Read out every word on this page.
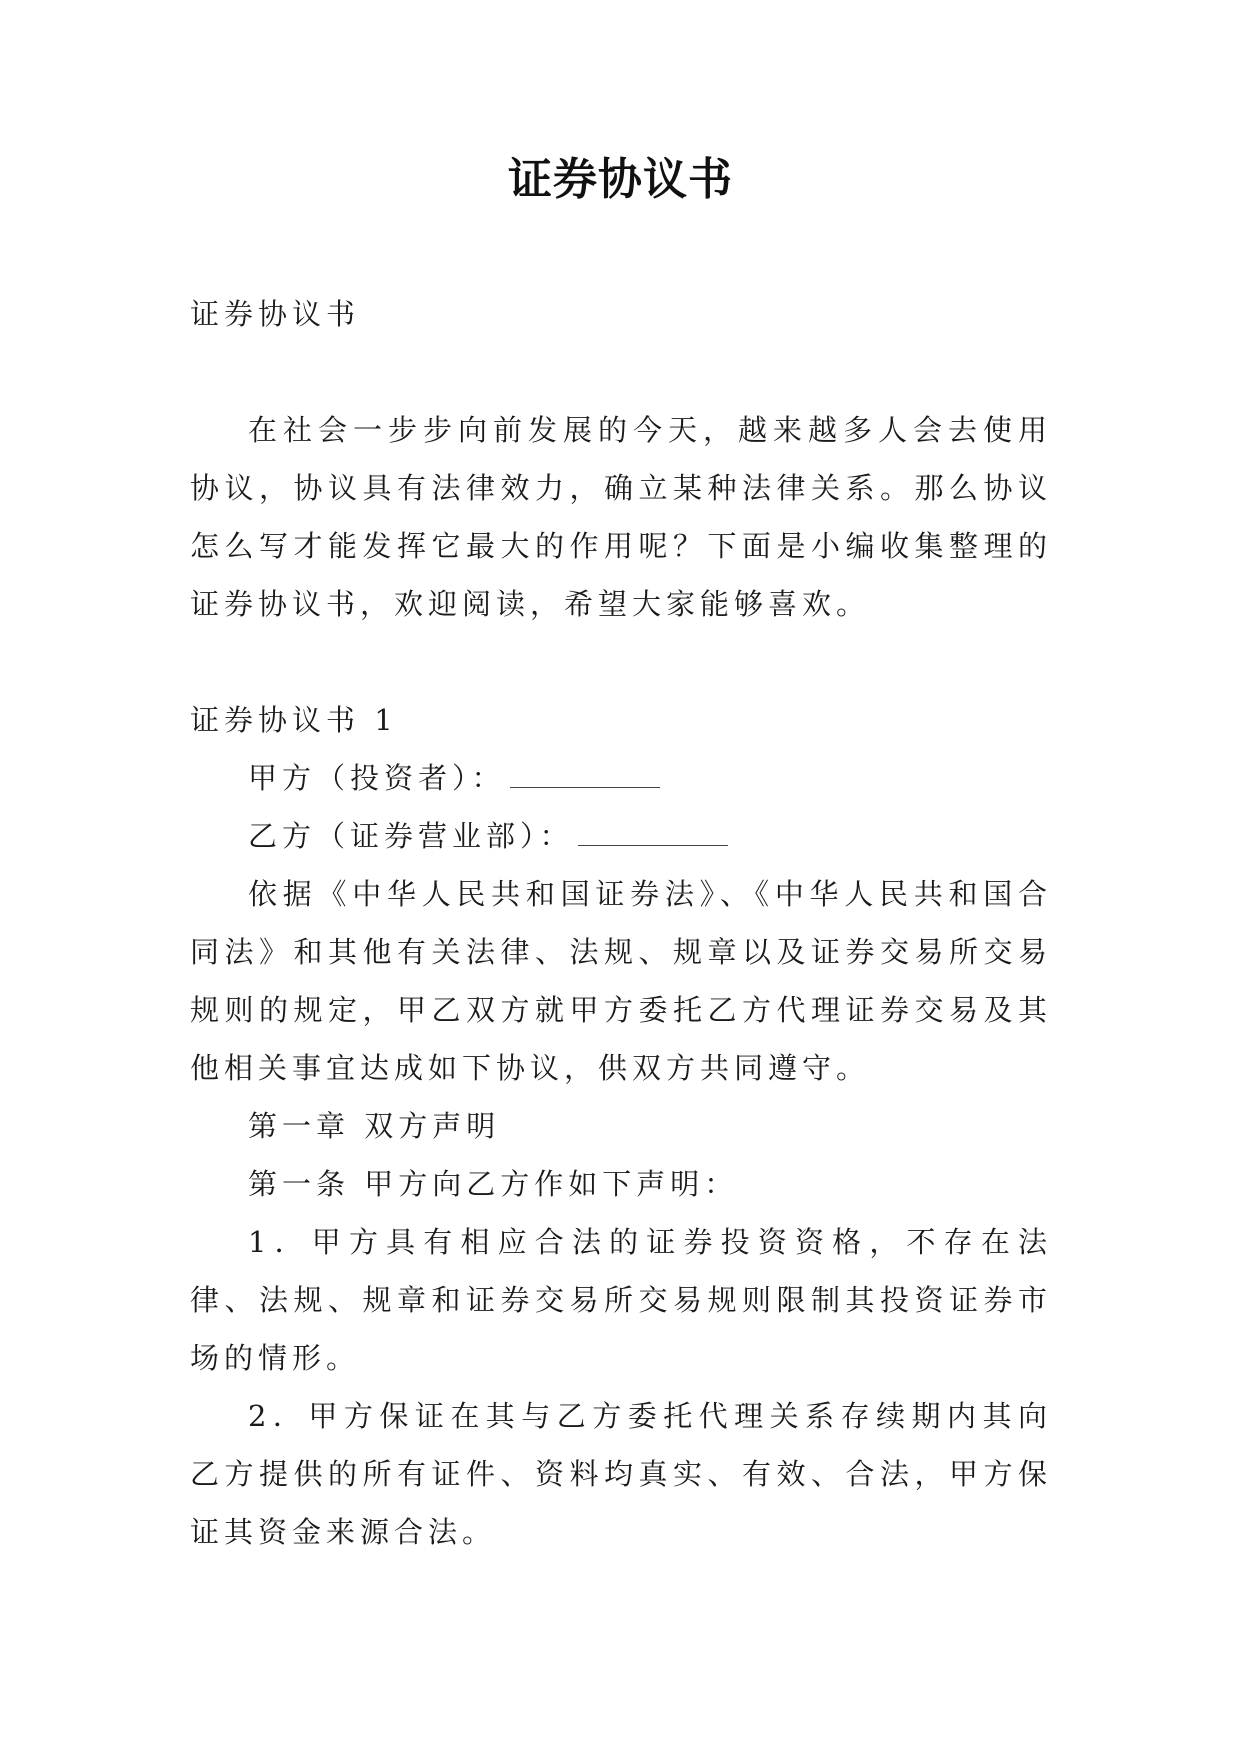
证券协议书

证券协议书

在社会一步步向前发展的今天，越来越多人会去使用协议，协议具有法律效力，确立某种法律关系。那么协议怎么写才能发挥它最大的作用呢？下面是小编收集整理的证券协议书，欢迎阅读，希望大家能够喜欢。

证券协议书 1

甲方（投资者）：

乙方（证券营业部）：

依据《中华人民共和国证券法》、《中华人民共和国合同法》和其他有关法律、法规、规章以及证券交易所交易规则的规定，甲乙双方就甲方委托乙方代理证券交易及其他相关事宜达成如下协议，供双方共同遵守。

第一章 双方声明

第一条 甲方向乙方作如下声明：

1．甲方具有相应合法的证券投资资格，不存在法律、法规、规章和证券交易所交易规则限制其投资证券市场的情形。

2．甲方保证在其与乙方委托代理关系存续期内其向乙方提供的所有证件、资料均真实、有效、合法，甲方保证其资金来源合法。
